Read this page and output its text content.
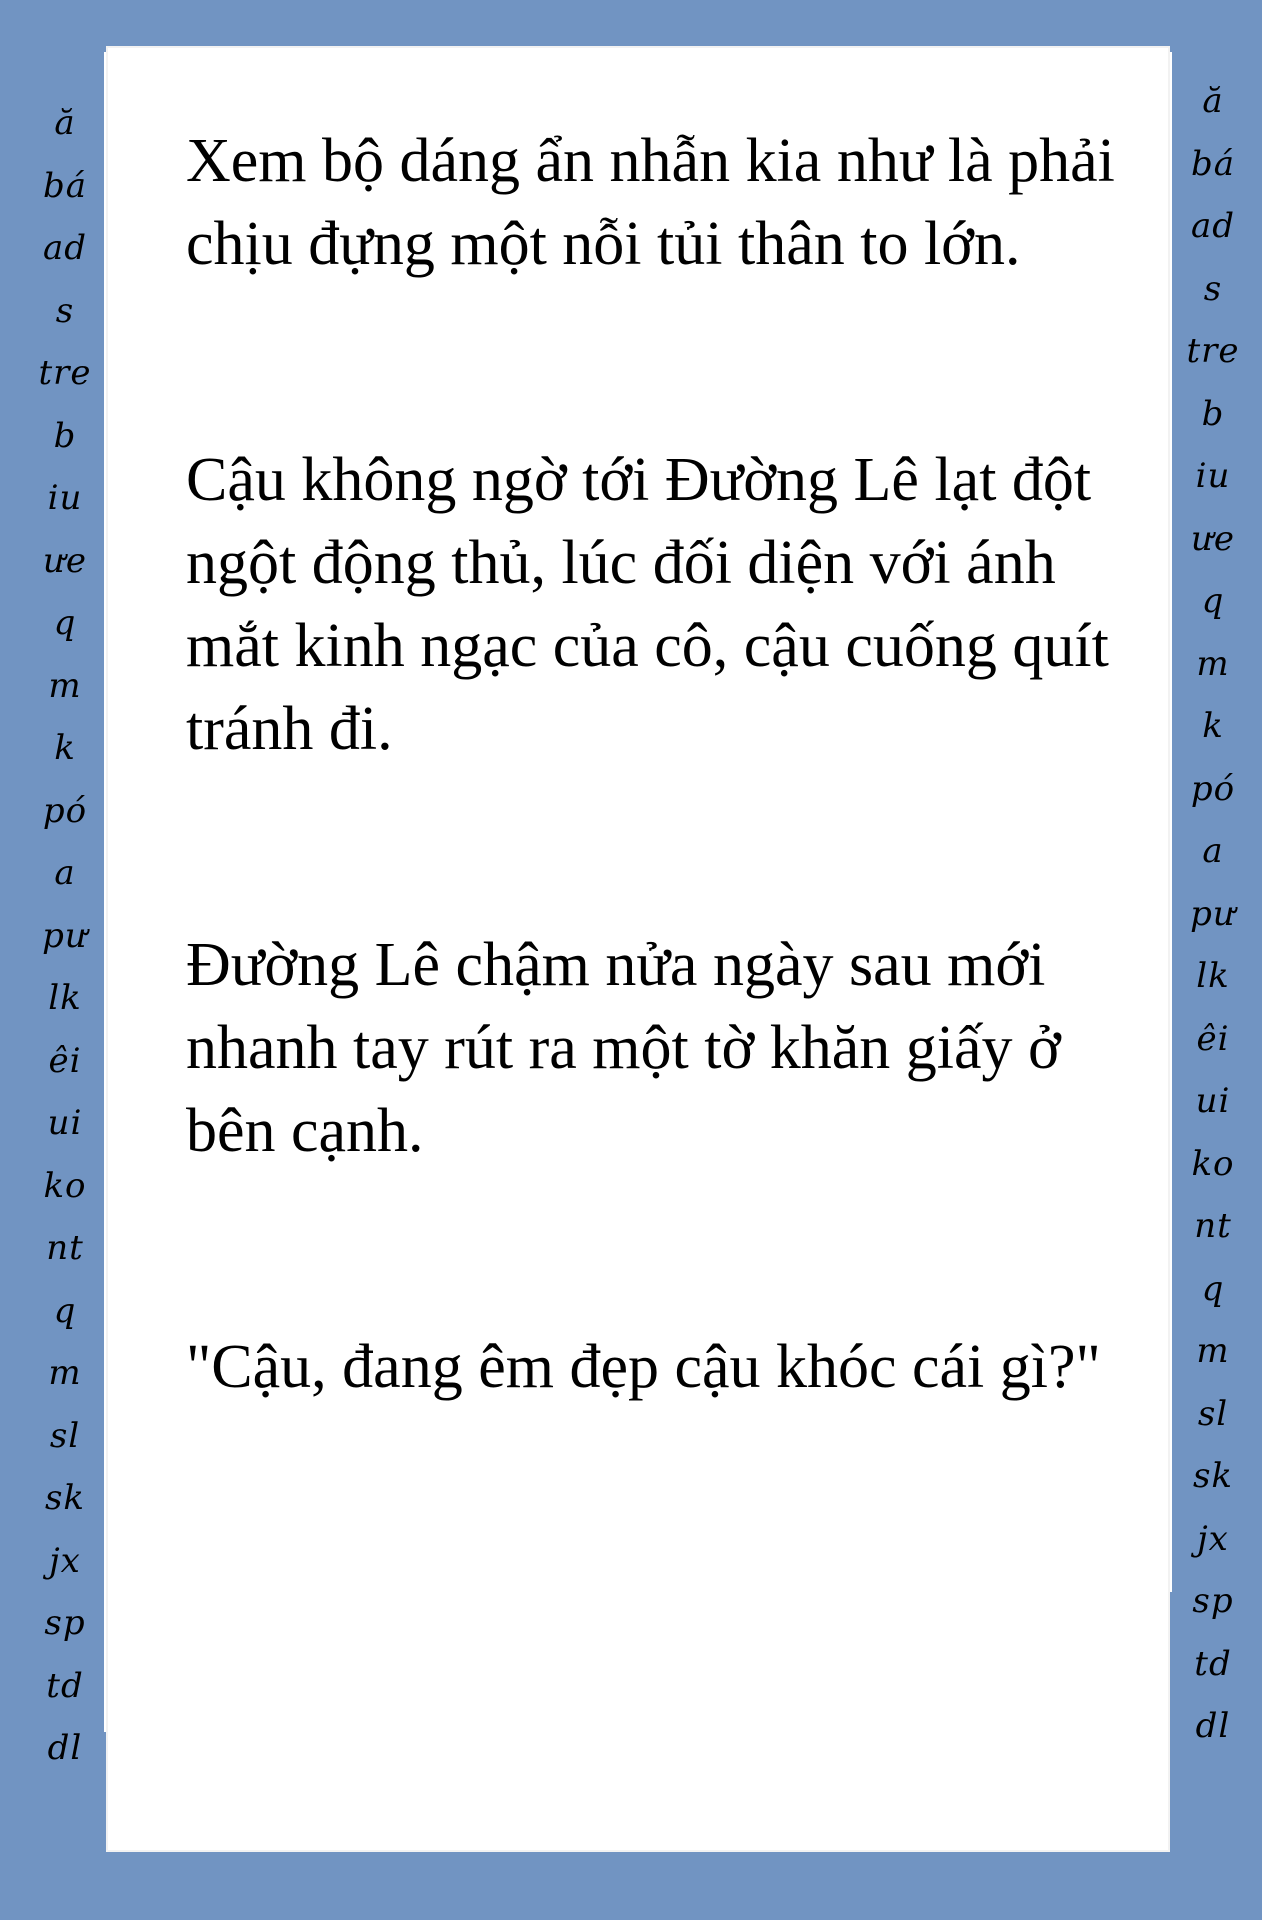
ă
bá
ad
s
tre
b
iu
ưe
q
m
k
pó
a
pư
lk
êi
ui
ko
nt
q
m
sl
sk
jx
sp
td
dl
ă
bá
ad
s
tre
b
iu
ưe
q
m
k
pó
a
pư
lk
êi
ui
ko
nt
q
m
sl
sk
jx
sp
td
dl

Xem bộ dáng ẩn nhẫn kia như là phải chịu đựng một nỗi tủi thân to lớn.

Cậu không ngờ tới Đường Lê lạt đột ngột động thủ, lúc đối diện với ánh mắt kinh ngạc của cô, cậu cuống quít tránh đi.

Đường Lê chậm nửa ngày sau mới nhanh tay rút ra một tờ khăn giấy ở bên cạnh.

"Cậu, đang êm đẹp cậu khóc cái gì?"
